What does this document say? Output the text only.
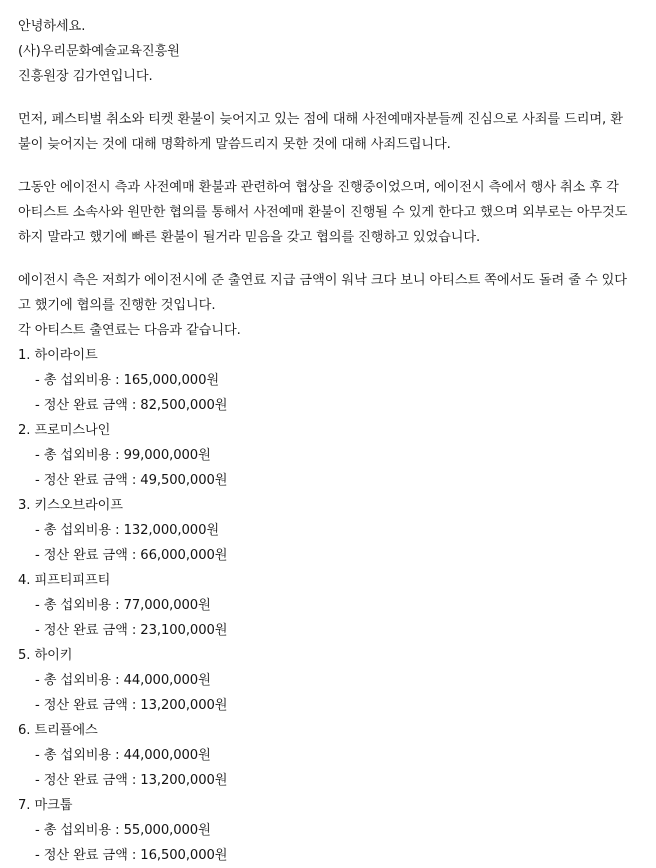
안녕하세요.

(사)우리문화예술교육진흥원

진흥원장 김가연입니다.

먼저, 페스티벌 취소와 티켓 환불이 늦어지고 있는 점에 대해 사전예매자분들께 진심으로 사죄를 드리며, 환불이 늦어지는 것에 대해 명확하게 말씀드리지 못한 것에 대해 사죄드립니다.

그동안 에이전시 측과 사전예매 환불과 관련하여 협상을 진행중이었으며, 에이전시 측에서 행사 취소 후 각 아티스트 소속사와 원만한 협의를 통해서 사전예매 환불이 진행될 수 있게 한다고 했으며 외부로는 아무것도 하지 말라고 했기에 빠른 환불이 될거라 믿음을 갖고 협의를 진행하고 있었습니다.

에이전시 측은 저희가 에이전시에 준 출연료 지급 금액이 워낙 크다 보니 아티스트 쪽에서도 돌려 줄 수 있다고 했기에 협의를 진행한 것입니다.

각 아티스트 출연료는 다음과 같습니다.

1. 하이라이트

- 총 섭외비용 : 165,000,000원

- 정산 완료 금액 : 82,500,000원

2. 프로미스나인

- 총 섭외비용 : 99,000,000원

- 정산 완료 금액 : 49,500,000원

3. 키스오브라이프

- 총 섭외비용 : 132,000,000원

- 정산 완료 금액 : 66,000,000원

4. 피프티피프티

- 총 섭외비용 : 77,000,000원

- 정산 완료 금액 : 23,100,000원

5. 하이키

- 총 섭외비용 : 44,000,000원

- 정산 완료 금액 : 13,200,000원

6. 트리플에스

- 총 섭외비용 : 44,000,000원

- 정산 완료 금액 : 13,200,000원

7. 마크툽

- 총 섭외비용 : 55,000,000원

- 정산 완료 금액 : 16,500,000원
